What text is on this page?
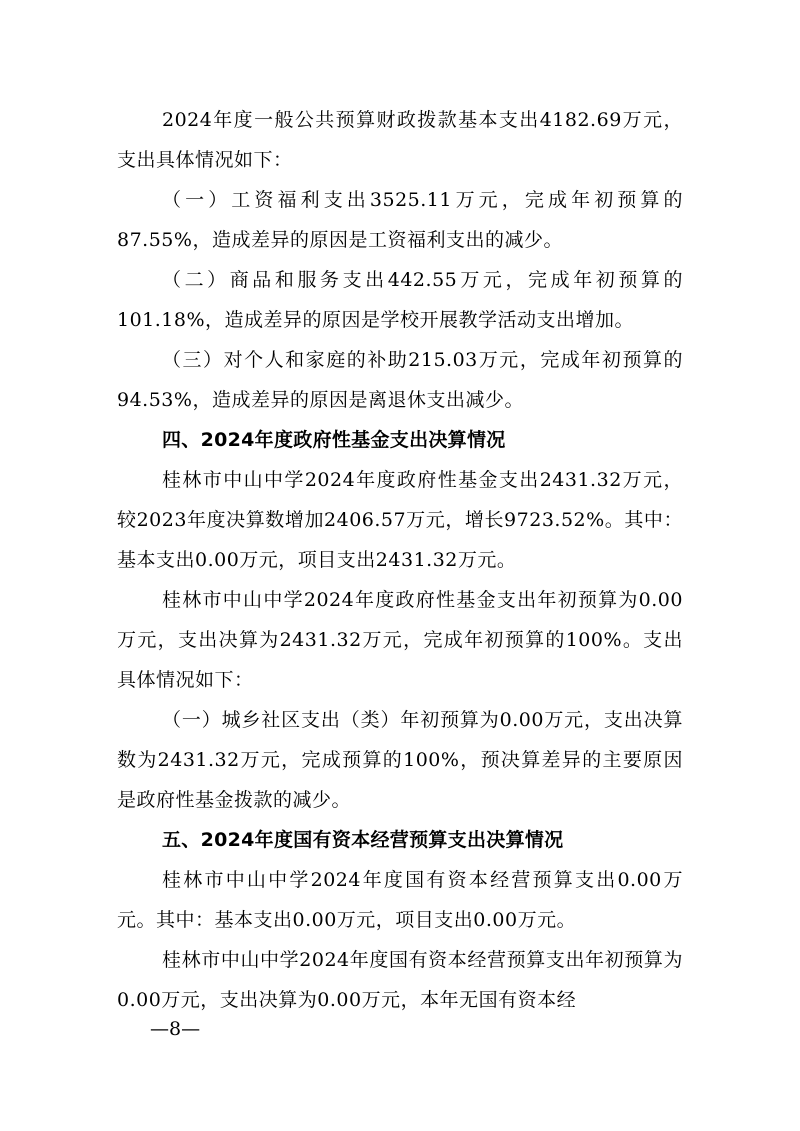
2024年度一般公共预算财政拨款基本支出4182.69万元，支出具体情况如下：

（一）工资福利支出3525.11万元，完成年初预算的87.55%，造成差异的原因是工资福利支出的减少。

（二）商品和服务支出442.55万元，完成年初预算的101.18%，造成差异的原因是学校开展教学活动支出增加。

（三）对个人和家庭的补助215.03万元，完成年初预算的94.53%，造成差异的原因是离退休支出减少。

四、2024年度政府性基金支出决算情况

桂林市中山中学2024年度政府性基金支出2431.32万元，较2023年度决算数增加2406.57万元，增长9723.52%。其中：基本支出0.00万元，项目支出2431.32万元。

桂林市中山中学2024年度政府性基金支出年初预算为0.00万元，支出决算为2431.32万元，完成年初预算的100%。支出具体情况如下：

（一）城乡社区支出（类）年初预算为0.00万元，支出决算数为2431.32万元，完成预算的100%，预决算差异的主要原因是政府性基金拨款的减少。

五、2024年度国有资本经营预算支出决算情况

桂林市中山中学2024年度国有资本经营预算支出0.00万元。其中：基本支出0.00万元，项目支出0.00万元。

桂林市中山中学2024年度国有资本经营预算支出年初预算为0.00万元，支出决算为0.00万元，本年无国有资本经

—8—
